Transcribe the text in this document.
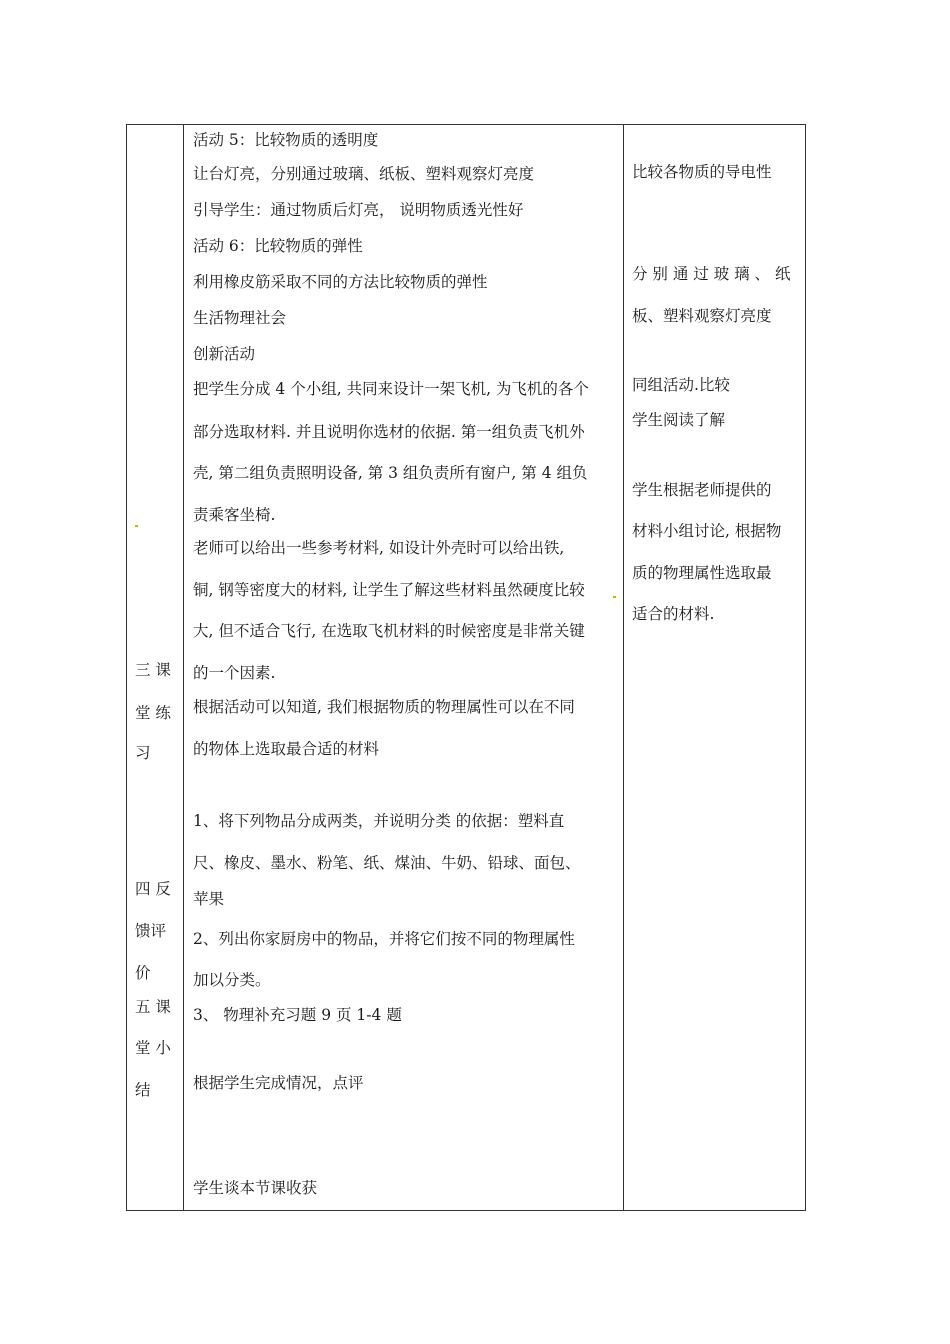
三 课
堂 练
习
四 反
馈评
价
五 课
堂 小
结
活动 5：比较物质的透明度
让台灯亮，分别通过玻璃、纸板、塑料观察灯亮度
引导学生：通过物质后灯亮， 说明物质透光性好
活动 6：比较物质的弹性
利用橡皮筋采取不同的方法比较物质的弹性
生活物理社会
创新活动
把学生分成 4 个小组, 共同来设计一架飞机, 为飞机的各个
部分选取材料. 并且说明你选材的依据. 第一组负责飞机外
壳, 第二组负责照明设备, 第 3 组负责所有窗户, 第 4 组负
责乘客坐椅.
老师可以给出一些参考材料, 如设计外壳时可以给出铁,
铜, 钢等密度大的材料, 让学生了解这些材料虽然硬度比较
大, 但不适合飞行, 在选取飞机材料的时候密度是非常关键
的一个因素.
根据活动可以知道, 我们根据物质的物理属性可以在不同
的物体上选取最合适的材料
1、将下列物品分成两类，并说明分类 的依据：塑料直
尺、橡皮、墨水、粉笔、纸、煤油、牛奶、铅球、面包、
苹果
2、列出你家厨房中的物品，并将它们按不同的物理属性
加以分类。
3、 物理补充习题 9 页 1-4 题
根据学生完成情况，点评
学生谈本节课收获
比较各物质的导电性
分 别 通 过 玻 璃 、 纸
板、塑料观察灯亮度
同组活动.比较
学生阅读了解
学生根据老师提供的
材料小组讨论, 根据物
质的物理属性选取最
适合的材料.
